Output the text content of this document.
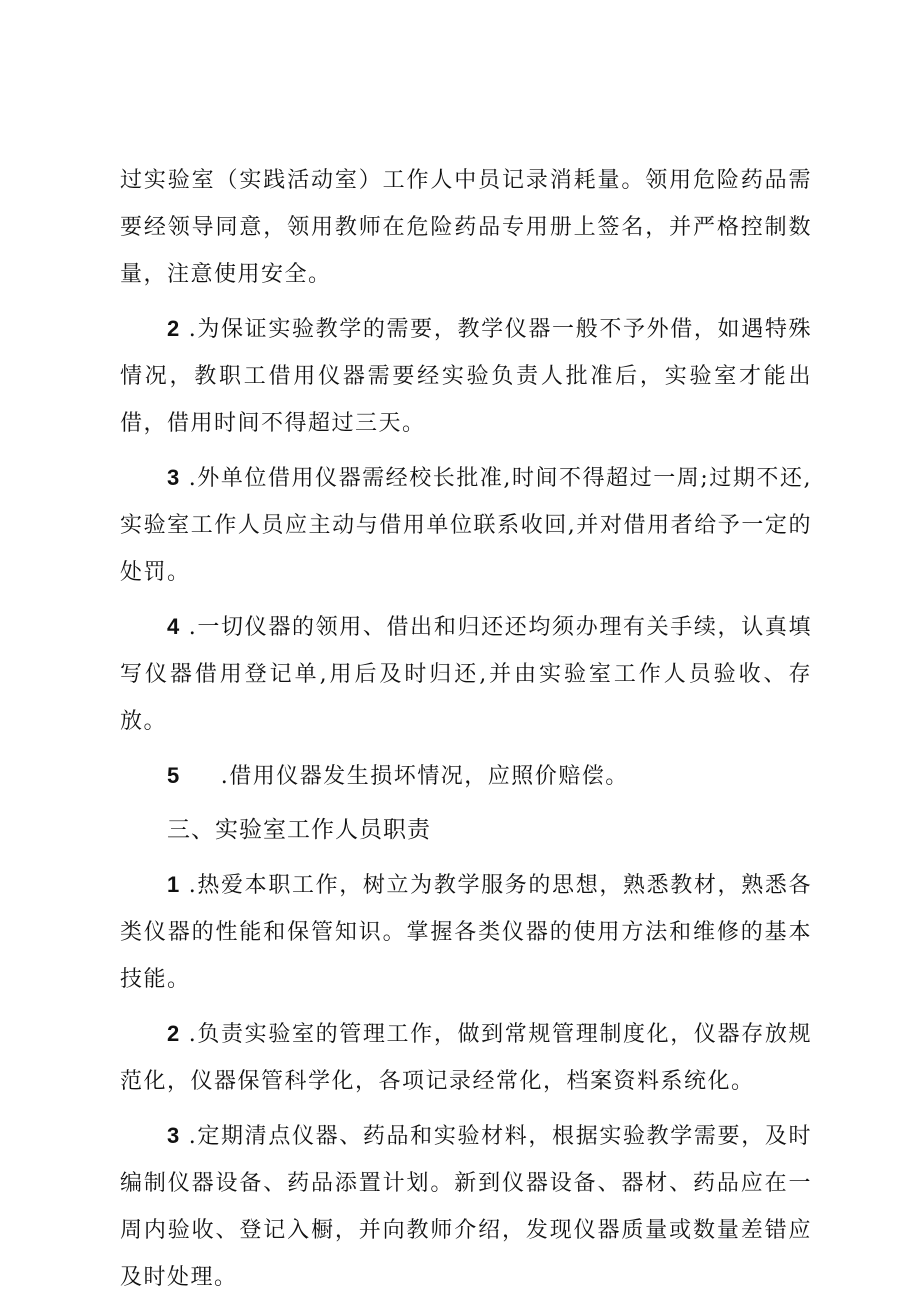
过实验室（实践活动室）工作人中员记录消耗量。领用危险药品需要经领导同意，领用教师在危险药品专用册上签名，并严格控制数量，注意使用安全。

2 .为保证实验教学的需要，教学仪器一般不予外借，如遇特殊情况，教职工借用仪器需要经实验负责人批准后，实验室才能出借，借用时间不得超过三天。

3 .外单位借用仪器需经校长批准,时间不得超过一周;过期不还,实验室工作人员应主动与借用单位联系收回,并对借用者给予一定的处罚。

4 .一切仪器的领用、借出和归还还均须办理有关手续，认真填写仪器借用登记单,用后及时归还,并由实验室工作人员验收、存放。

5 .借用仪器发生损坏情况，应照价赔偿。

三、实验室工作人员职责

1 .热爱本职工作，树立为教学服务的思想，熟悉教材，熟悉各类仪器的性能和保管知识。掌握各类仪器的使用方法和维修的基本技能。

2 .负责实验室的管理工作，做到常规管理制度化，仪器存放规范化，仪器保管科学化，各项记录经常化，档案资料系统化。

3 .定期清点仪器、药品和实验材料，根据实验教学需要，及时编制仪器设备、药品添置计划。新到仪器设备、器材、药品应在一周内验收、登记入橱，并向教师介绍，发现仪器质量或数量差错应及时处理。
